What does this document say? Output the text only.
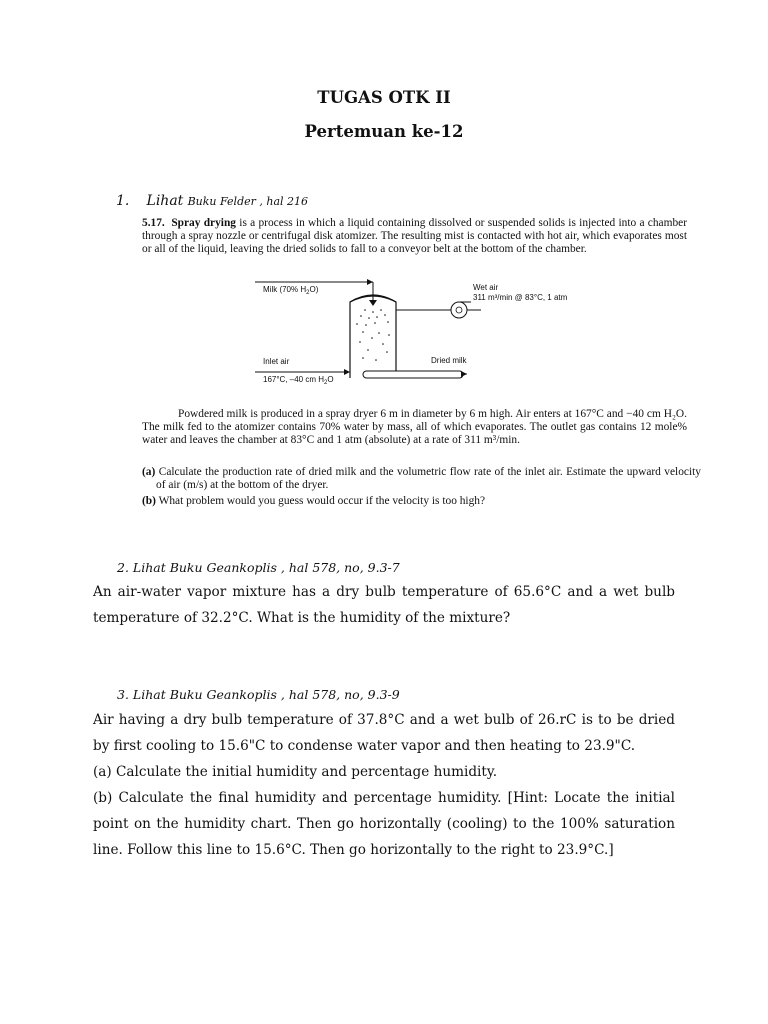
TUGAS OTK II
Pertemuan ke-12
1. Lihat Buku Felder , hal 216
5.17. Spray drying is a process in which a liquid containing dissolved or suspended solids is injected into a chamber through a spray nozzle or centrifugal disk atomizer. The resulting mist is contacted with hot air, which evaporates most or all of the liquid, leaving the dried solids to fall to a conveyor belt at the bottom of the chamber.
Milk (70% $H_2O$)	Wet air
311 m³/min @ 83°C, 1 atm
Inlet air
167°C, –40 cm $H_2O$
Dried milk
Powdered milk is produced in a spray dryer 6 m in diameter by 6 m high. Air enters at 167°C and −40 cm H₂O. The milk fed to the atomizer contains 70% water by mass, all of which evaporates. The outlet gas contains 12 mole% water and leaves the chamber at 83°C and 1 atm (absolute) at a rate of 311 m³/min.
(a) Calculate the production rate of dried milk and the volumetric flow rate of the inlet air. Estimate the upward velocity of air (m/s) at the bottom of the dryer.
(b) What problem would you guess would occur if the velocity is too high?
2. Lihat Buku Geankoplis , hal 578, no, 9.3-7
An air-water vapor mixture has a dry bulb temperature of 65.6°C and a wet bulb temperature of 32.2°C. What is the humidity of the mixture?
3. Lihat Buku Geankoplis , hal 578, no, 9.3-9

Air having a dry bulb temperature of 37.8°C and a wet bulb of 26.rC is to be dried by first cooling to 15.6"C to condense water vapor and then heating to 23.9"C.

(a) Calculate the initial humidity and percentage humidity.

(b) Calculate the final humidity and percentage humidity. [Hint: Locate the initial point on the humidity chart. Then go horizontally (cooling) to the 100% saturation line. Follow this line to 15.6°C. Then go horizontally to the right to 23.9°C.]
